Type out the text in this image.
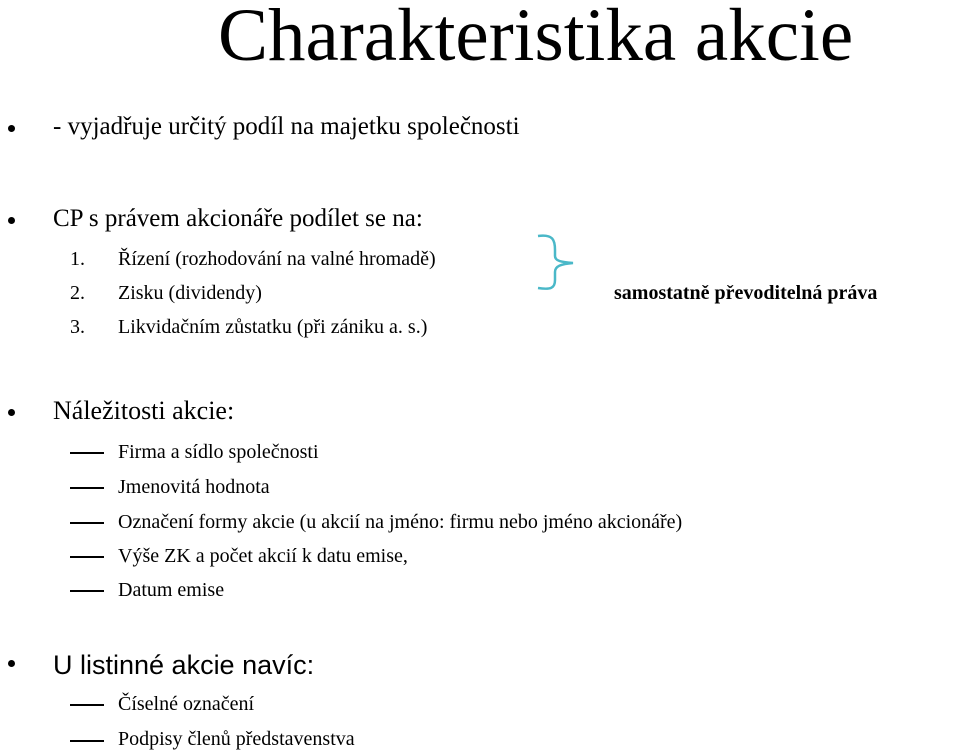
Charakteristika akcie
- vyjadřuje určitý podíl na majetku společnosti
CP s právem akcionáře podílet se na:
1. Řízení (rozhodování na valné hromadě)
2. Zisku (dividendy)
3. Likvidačním zůstatku (při zániku a. s.)
samostatně převoditelná práva
Náležitosti akcie:
Firma a sídlo společnosti
Jmenovitá hodnota
Označení formy akcie (u akcií na jméno: firmu nebo jméno akcionáře)
Výše ZK a počet akcií k datu emise,
Datum emise
U listinné akcie navíc:
Číselné označení
Podpisy členů představenstva
